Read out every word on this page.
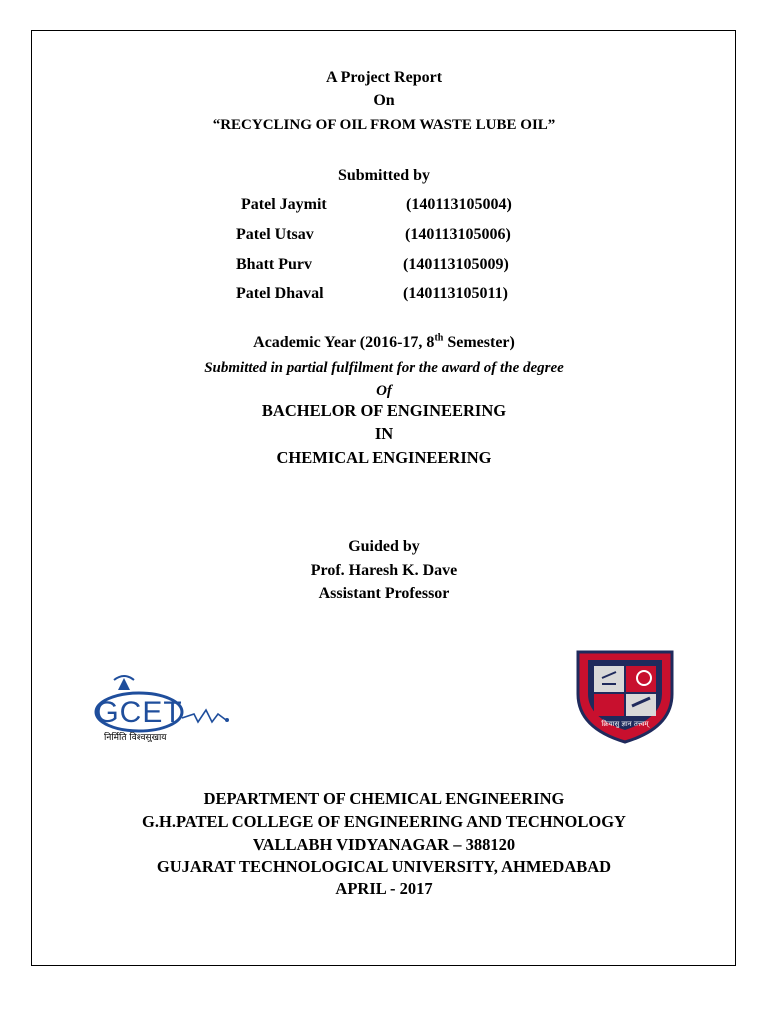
A Project Report
On
“RECYCLING OF OIL FROM WASTE LUBE OIL”
Submitted by
Patel Jaymit	(140113105004)
Patel Utsav	(140113105006)
Bhatt Purv	(140113105009)
Patel Dhaval	(140113105011)
Academic Year (2016-17, 8th Semester)
Submitted in partial fulfilment for the award of the degree
Of
BACHELOR OF ENGINEERING
IN
CHEMICAL ENGINEERING
Guided by
Prof. Haresh K. Dave
Assistant Professor
GCET
निर्मिति विश्वसुखाय
क्रियासु ज्ञान तत्त्वम्
DEPARTMENT OF CHEMICAL ENGINEERING
G.H.PATEL COLLEGE OF ENGINEERING AND TECHNOLOGY
VALLABH VIDYANAGAR – 388120
GUJARAT TECHNOLOGICAL UNIVERSITY, AHMEDABAD
APRIL - 2017
